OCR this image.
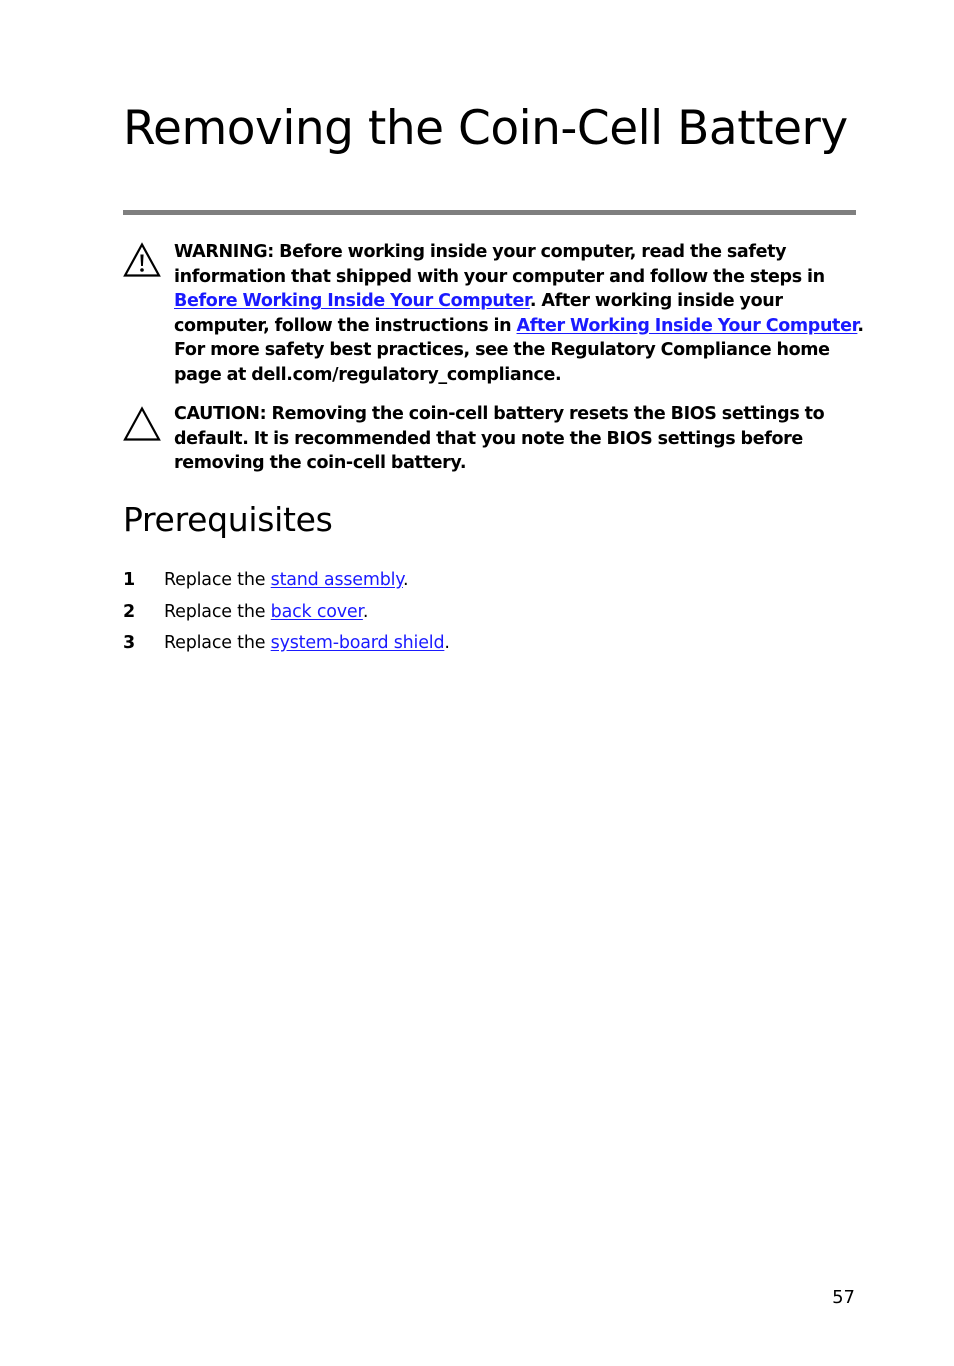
Removing the Coin-Cell Battery
WARNING: Before working inside your computer, read the safety information that shipped with your computer and follow the steps in Before Working Inside Your Computer. After working inside your computer, follow the instructions in After Working Inside Your Computer. For more safety best practices, see the Regulatory Compliance home page at dell.com/regulatory_compliance.
CAUTION: Removing the coin-cell battery resets the BIOS settings to default. It is recommended that you note the BIOS settings before removing the coin-cell battery.
Prerequisites
1 Replace the stand assembly.
2 Replace the back cover.
3 Replace the system-board shield.
57
